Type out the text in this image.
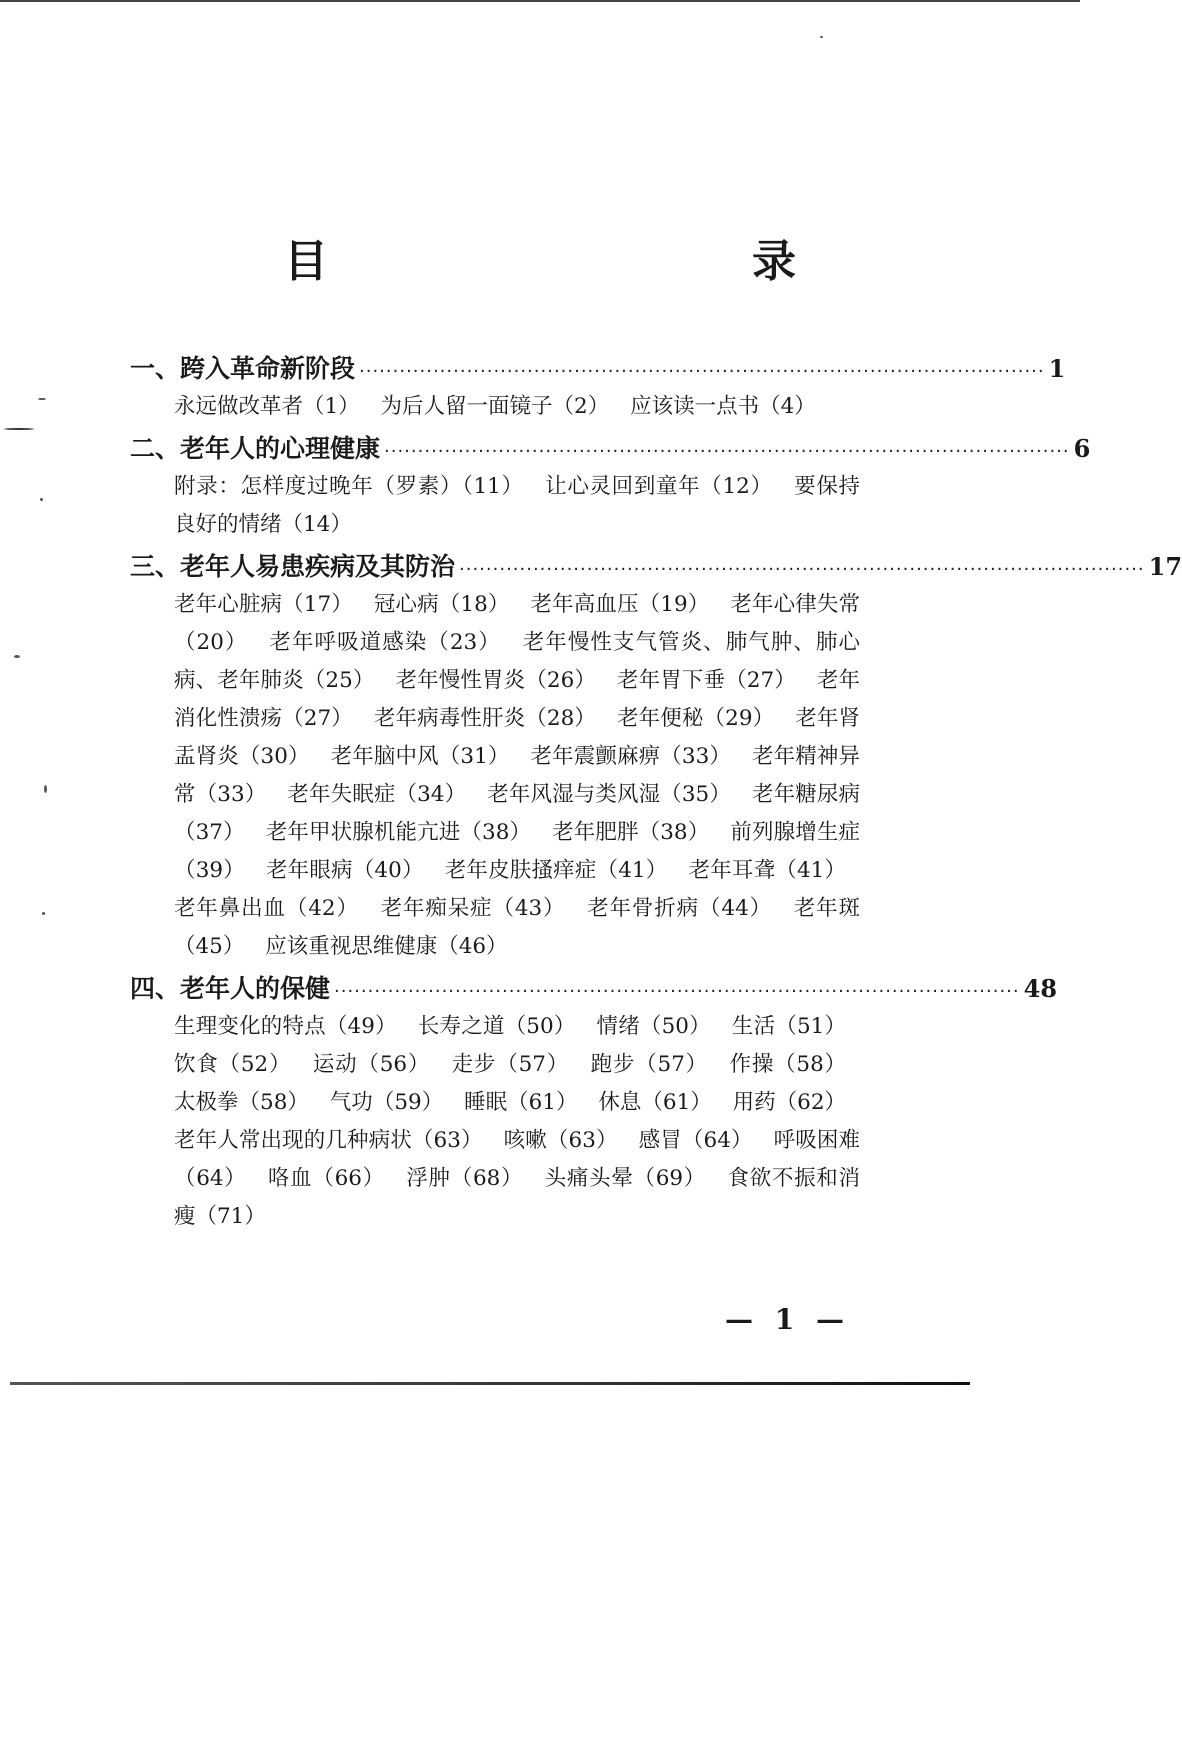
目　　录
一、跨入革命新阶段 ······································································································ 1
永远做改革者（1） 为后人留一面镜子（2） 应该读一点书（4）
二、老年人的心理健康 ······································································································ 6
附录：怎样度过晚年（罗素）（11） 让心灵回到童年（12） 要保持良好的情绪（14）
三、老年人易患疾病及其防治 ······································································································ 17
老年心脏病（17） 冠心病（18） 老年高血压（19） 老年心律失常（20） 老年呼吸道感染（23） 老年慢性支气管炎、肺气肿、肺心病、老年肺炎（25） 老年慢性胃炎（26） 老年胃下垂（27） 老年消化性溃疡（27） 老年病毒性肝炎（28） 老年便秘（29） 老年肾盂肾炎（30） 老年脑中风（31） 老年震颤麻痹（33） 老年精神异常（33） 老年失眠症（34） 老年风湿与类风湿（35） 老年糖尿病（37） 老年甲状腺机能亢进（38） 老年肥胖（38） 前列腺增生症（39） 老年眼病（40） 老年皮肤搔痒症（41） 老年耳聋（41） 老年鼻出血（42） 老年痴呆症（43） 老年骨折病（44） 老年斑（45） 应该重视思维健康（46）
四、老年人的保健 ······································································································ 48
生理变化的特点（49） 长寿之道（50） 情绪（50） 生活（51） 饮食（52） 运动（56） 走步（57） 跑步（57） 作操（58） 太极拳（58） 气功（59） 睡眠（61） 休息（61） 用药（62） 老年人常出现的几种病状（63） 咳嗽（63） 感冒（64） 呼吸困难（64） 咯血（66） 浮肿（68） 头痛头晕（69） 食欲不振和消瘦（71）
— 1 —
